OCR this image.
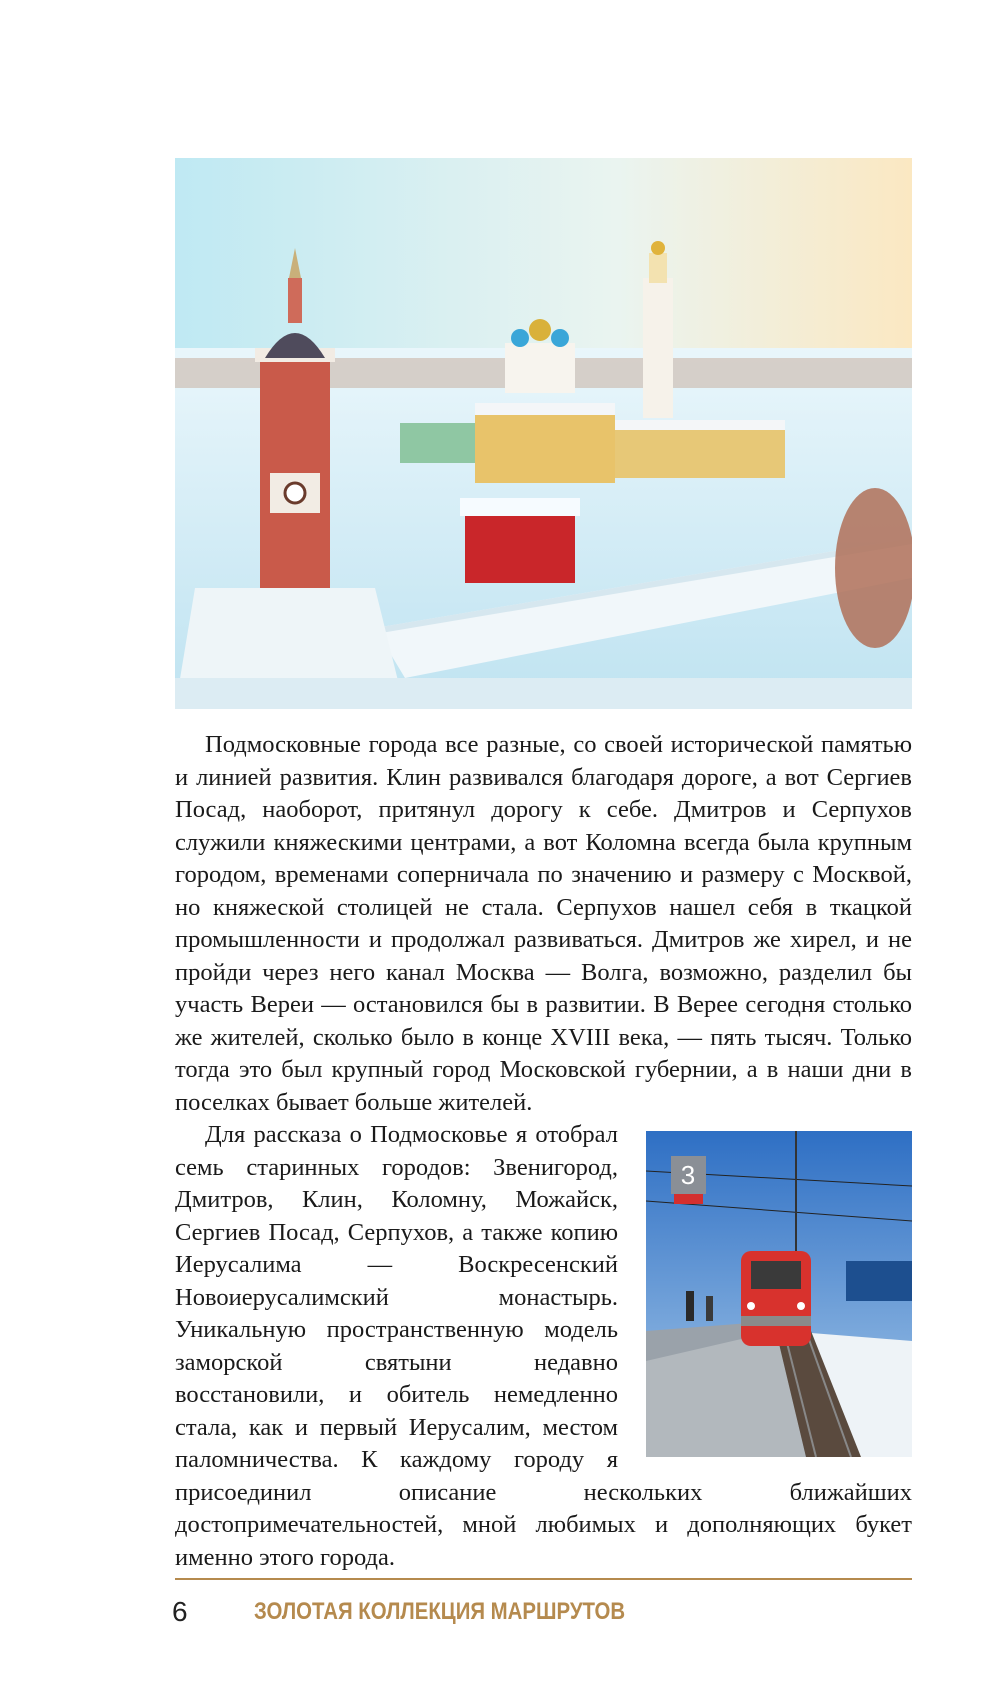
Подмосковные города все разные, со своей исторической памятью и линией развития. Клин развивался благодаря дороге, а вот Сергиев Посад, наоборот, притянул дорогу к себе. Дмитров и Серпухов служили княжескими центрами, а вот Коломна всегда была крупным городом, временами соперничала по значению и размеру с Москвой, но княжеской столицей не стала. Серпухов нашел себя в ткацкой промышленности и продолжал развиваться. Дмитров же хирел, и не пройди через него канал Москва — Волга, возможно, разделил бы участь Вереи — остановился бы в развитии. В Верее сегодня столько же жителей, сколько было в конце XVIII века, — пять тысяч. Только тогда это был крупный город Московской губернии, а в наши дни в поселках бывает больше жителей.

3
Для рассказа о Подмосковье я отобрал семь старинных городов: Звенигород, Дмитров, Клин, Коломну, Можайск, Сергиев Посад, Серпухов, а также копию Иерусалима — Воскресенский Новоиерусалимский монастырь. Уникальную пространственную модель заморской святыни недавно восстановили, и обитель немедленно стала, как и первый Иерусалим, местом паломничества. К каждому городу я присоединил описание нескольких ближайших достопримечательностей, мной любимых и дополняющих букет именно этого города.

6	ЗОЛОТАЯ КОЛЛЕКЦИЯ МАРШРУТОВ
